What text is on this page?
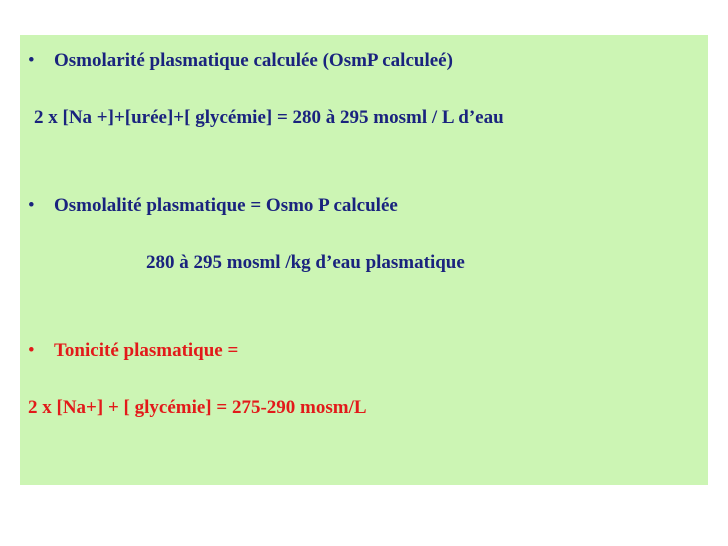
• Osmolarité plasmatique calculée (OsmP calculeé)
2 x [Na +]+[urée]+[ glycémie] = 280 à 295 mosml / L d’eau
• Osmolalité plasmatique = Osmo P calculée
280 à 295 mosml /kg d’eau plasmatique
• Tonicité plasmatique =
2 x [Na+] + [ glycémie] = 275-290 mosm/L
